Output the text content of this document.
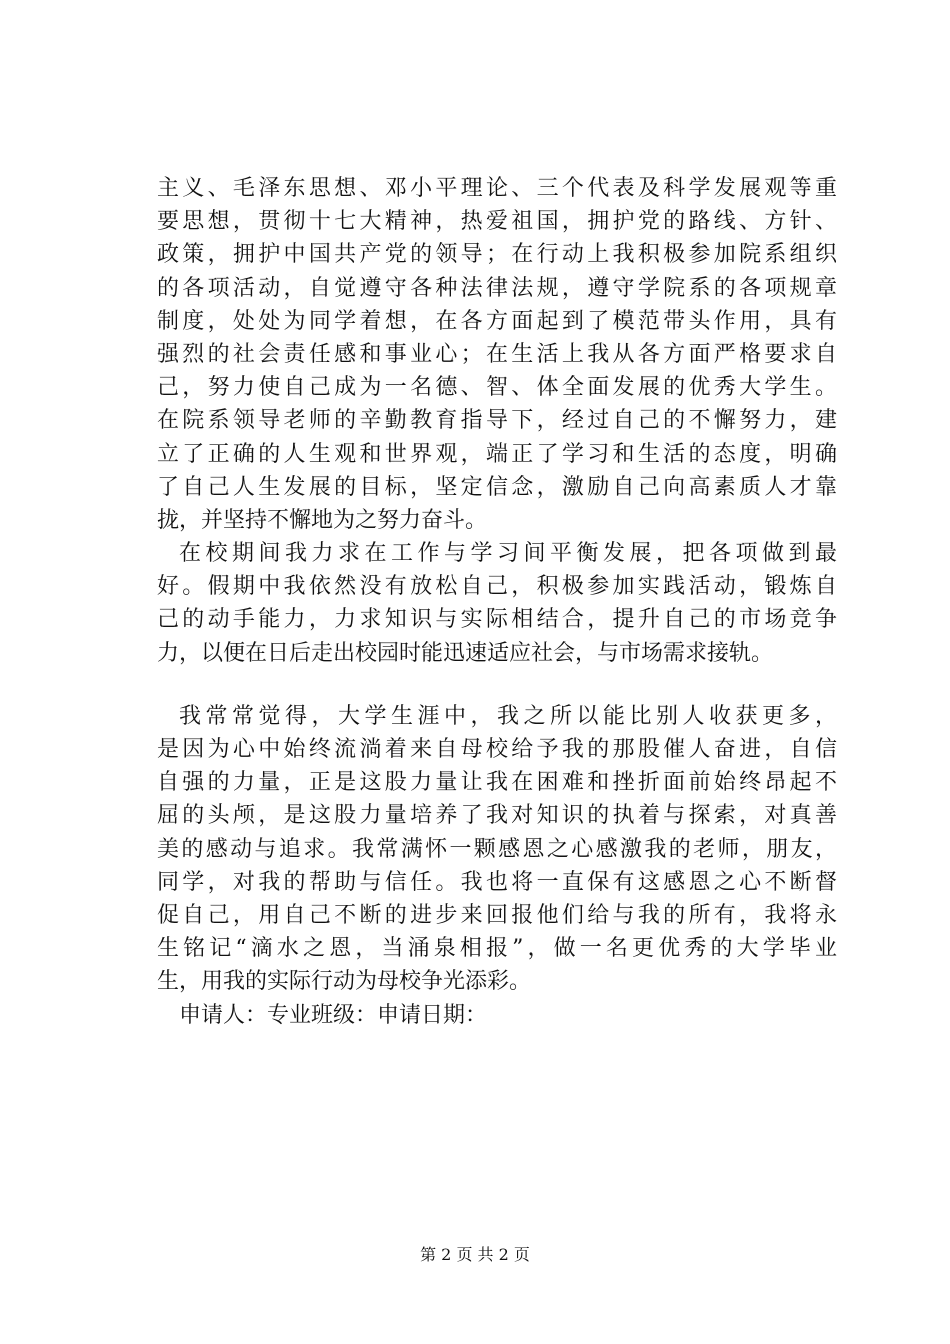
主义、毛泽东思想、邓小平理论、三个代表及科学发展观等重
要思想，贯彻十七大精神，热爱祖国，拥护党的路线、方针、
政策，拥护中国共产党的领导；在行动上我积极参加院系组织
的各项活动，自觉遵守各种法律法规，遵守学院系的各项规章
制度，处处为同学着想，在各方面起到了模范带头作用，具有
强烈的社会责任感和事业心；在生活上我从各方面严格要求自
己，努力使自己成为一名德、智、体全面发展的优秀大学生。
在院系领导老师的辛勤教育指导下，经过自己的不懈努力，建
立了正确的人生观和世界观，端正了学习和生活的态度，明确
了自己人生发展的目标，坚定信念，激励自己向高素质人才靠
拢，并坚持不懈地为之努力奋斗。
在校期间我力求在工作与学习间平衡发展，把各项做到最
好。假期中我依然没有放松自己，积极参加实践活动，锻炼自
己的动手能力，力求知识与实际相结合，提升自己的市场竞争
力，以便在日后走出校园时能迅速适应社会，与市场需求接轨。
我常常觉得，大学生涯中，我之所以能比别人收获更多，
是因为心中始终流淌着来自母校给予我的那股催人奋进，自信
自强的力量，正是这股力量让我在困难和挫折面前始终昂起不
屈的头颅，是这股力量培养了我对知识的执着与探索，对真善
美的感动与追求。我常满怀一颗感恩之心感激我的老师，朋友，
同学，对我的帮助与信任。我也将一直保有这感恩之心不断督
促自己，用自己不断的进步来回报他们给与我的所有，我将永
生铭记“滴水之恩，当涌泉相报”，做一名更优秀的大学毕业
生，用我的实际行动为母校争光添彩。
申请人：专业班级：申请日期：
第 2 页 共 2 页
